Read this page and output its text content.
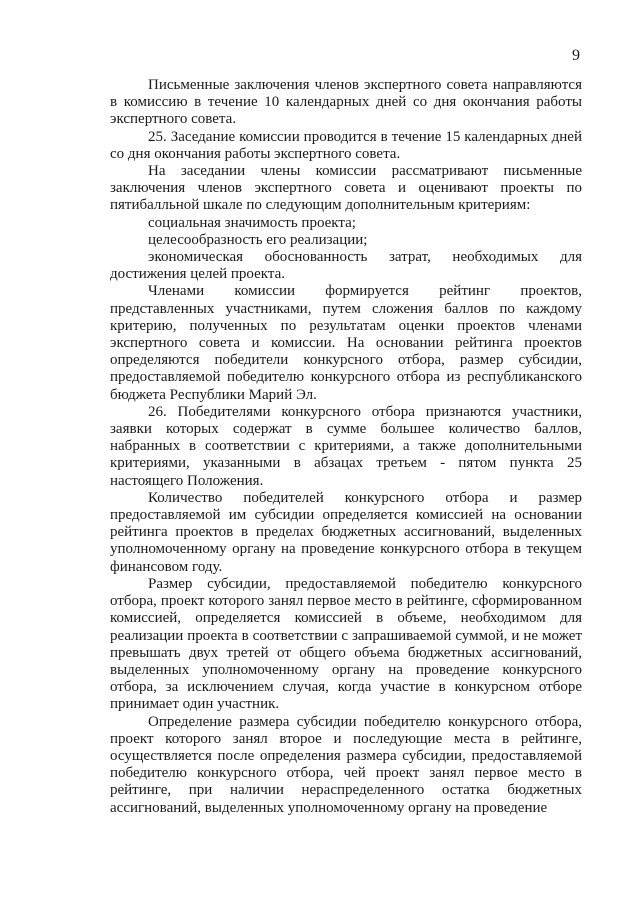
9

Письменные заключения членов экспертного совета направляются в комиссию в течение 10 календарных дней со дня окончания работы экспертного совета.

25. Заседание комиссии проводится в течение 15 календарных дней со дня окончания работы экспертного совета.

На заседании члены комиссии рассматривают письменные заключения членов экспертного совета и оценивают проекты по пятибалльной шкале по следующим дополнительным критериям:

социальная значимость проекта;

целесообразность его реализации;

экономическая обоснованность затрат, необходимых для достижения целей проекта.

Членами комиссии формируется рейтинг проектов, представленных участниками, путем сложения баллов по каждому критерию, полученных по результатам оценки проектов членами экспертного совета и комиссии. На основании рейтинга проектов определяются победители конкурсного отбора, размер субсидии, предоставляемой победителю конкурсного отбора из республиканского бюджета Республики Марий Эл.

26. Победителями конкурсного отбора признаются участники, заявки которых содержат в сумме большее количество баллов, набранных в соответствии с критериями, а также дополнительными критериями, указанными в абзацах третьем - пятом пункта 25 настоящего Положения.

Количество победителей конкурсного отбора и размер предоставляемой им субсидии определяется комиссией на основании рейтинга проектов в пределах бюджетных ассигнований, выделенных уполномоченному органу на проведение конкурсного отбора в текущем финансовом году.

Размер субсидии, предоставляемой победителю конкурсного отбора, проект которого занял первое место в рейтинге, сформированном комиссией, определяется комиссией в объеме, необходимом для реализации проекта в соответствии с запрашиваемой суммой, и не может превышать двух третей от общего объема бюджетных ассигнований, выделенных уполномоченному органу на проведение конкурсного отбора, за исключением случая, когда участие в конкурсном отборе принимает один участник.

Определение размера субсидии победителю конкурсного отбора, проект которого занял второе и последующие места в рейтинге, осуществляется после определения размера субсидии, предоставляемой победителю конкурсного отбора, чей проект занял первое место в рейтинге, при наличии нераспределенного остатка бюджетных ассигнований, выделенных уполномоченному органу на проведение
